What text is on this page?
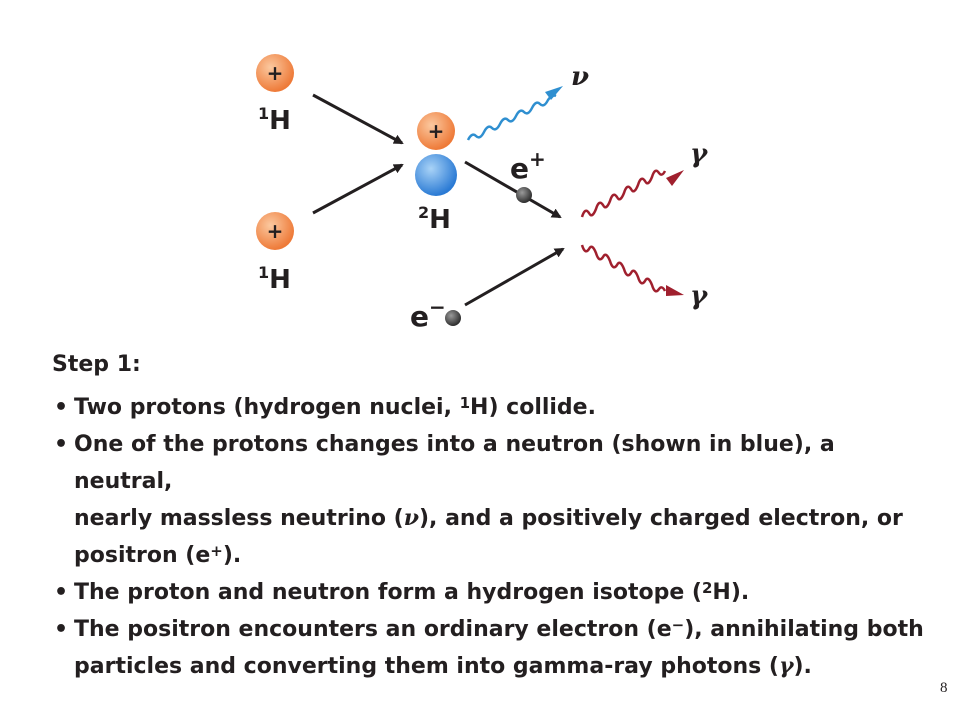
+
$^1$H
+
$^1$H
+
$^2$H
ν
e+
e−
γ
γ
Step 1:
• Two protons (hydrogen nuclei, $^1$H) collide.
• One of the protons changes into a neutron (shown in blue), a neutral,
nearly massless neutrino (ν), and a positively charged electron, or
positron (e+).
• The proton and neutron form a hydrogen isotope ($^2$H).
• The positron encounters an ordinary electron (e−), annihilating both
particles and converting them into gamma-ray photons (γ).
8
